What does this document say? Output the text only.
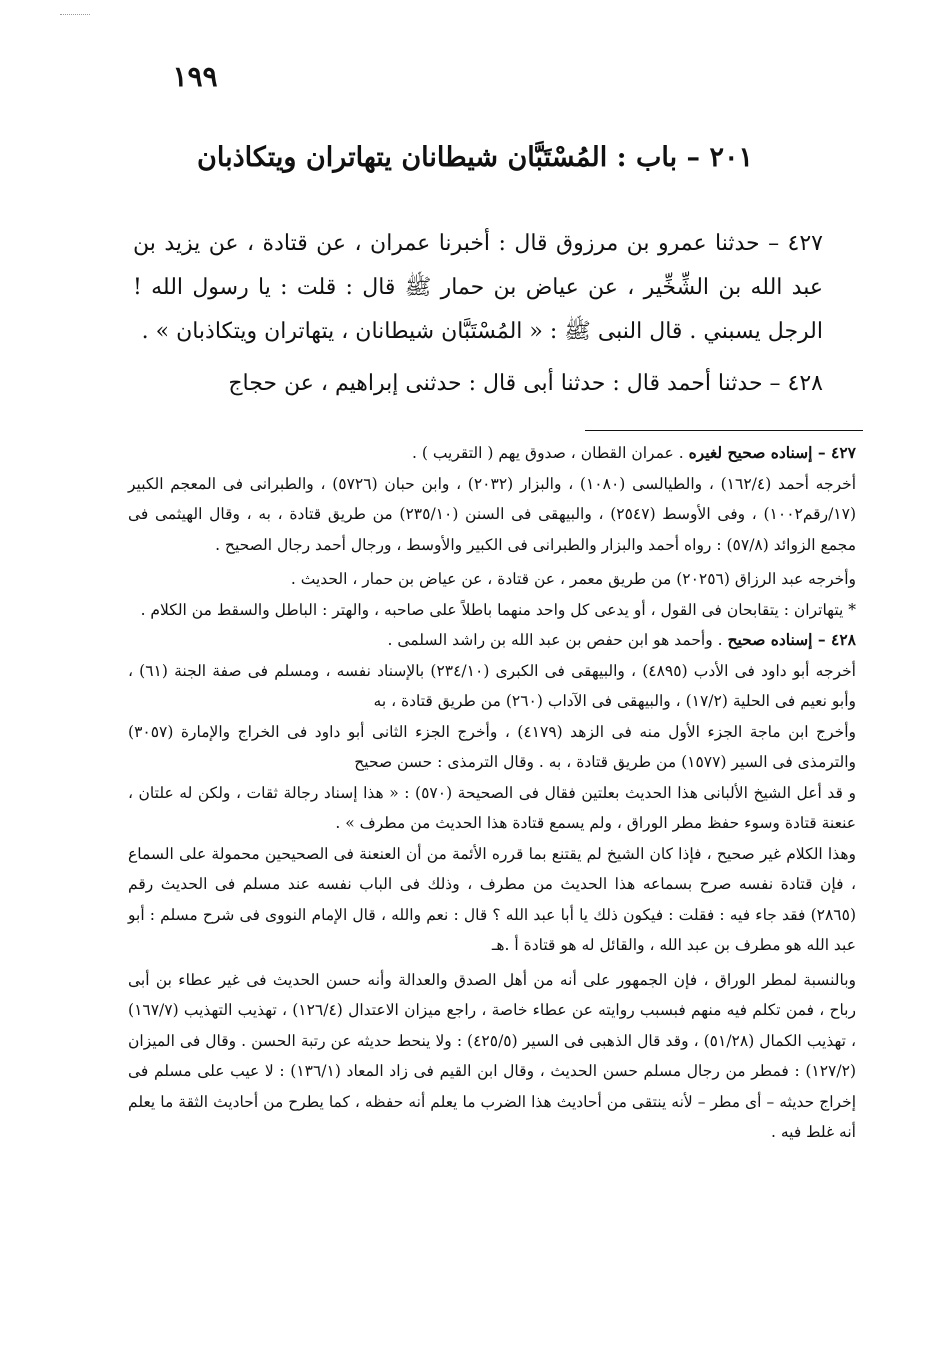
١٩٩
٢٠١ – باب : المُسْتَبَّان شيطانان يتهاتران ويتكاذبان

٤٢٧ – حدثنا عمرو بن مرزوق قال : أخبرنا عمران ، عن قتادة ، عن يزيد بن عبد الله بن الشِّخِّير ، عن عياض بن حمار ﷺ قال : قلت : يا رسول الله ! الرجل يسبني . قال النبى ﷺ : « المُسْتَبَّان شيطانان ، يتهاتران ويتكاذبان » .

٤٢٨ – حدثنا أحمد قال : حدثنا أبى قال : حدثنى إبراهيم ، عن حجاج

٤٢٧ – إسناده صحيح لغيره . عمران القطان ، صدوق يهم ( التقريب ) .

أخرجه أحمد (١٦٢/٤) ، والطيالسى (١٠٨٠) ، والبزار (٢٠٣٢) ، وابن حبان (٥٧٢٦) ، والطبرانى فى المعجم الكبير (١٧/رقم١٠٠٢) ، وفى الأوسط (٢٥٤٧) ، والبيهقى فى السنن (٢٣٥/١٠) من طريق قتادة ، به ، وقال الهيثمى فى مجمع الزوائد (٥٧/٨) : رواه أحمد والبزار والطبرانى فى الكبير والأوسط ، ورجال أحمد رجال الصحيح .

وأخرجه عبد الرزاق (٢٠٢٥٦) من طريق معمر ، عن قتادة ، عن عياض بن حمار ، الحديث .

* يتهاتران : يتقابحان فى القول ، أو يدعى كل واحد منهما باطلاً على صاحبه ، والهتر : الباطل والسقط من الكلام .

٤٢٨ – إسناده صحيح . وأحمد هو ابن حفص بن عبد الله بن راشد السلمى .

أخرجه أبو داود فى الأدب (٤٨٩٥) ، والبيهقى فى الكبرى (٢٣٤/١٠) بالإسناد نفسه ، ومسلم فى صفة الجنة (٦١) ، وأبو نعيم فى الحلية (١٧/٢) ، والبيهقى فى الآداب (٢٦٠) من طريق قتادة ، به

وأخرج ابن ماجة الجزء الأول منه فى الزهد (٤١٧٩) ، وأخرج الجزء الثانى أبو داود فى الخراج والإمارة (٣٠٥٧) والترمذى فى السير (١٥٧٧) من طريق قتادة ، به . وقال الترمذى : حسن صحيح

و قد أعل الشيخ الألبانى هذا الحديث بعلتين فقال فى الصحيحة (٥٧٠) : « هذا إسناد رجالة ثقات ، ولكن له علتان ، عنعنة قتادة وسوء حفظ مطر الوراق ، ولم يسمع قتادة هذا الحديث من مطرف » .

وهذا الكلام غير صحيح ، فإذا كان الشيخ لم يقتنع بما قرره الأئمة من أن العنعنة فى الصحيحين محمولة على السماع ، فإن قتادة نفسه صرح بسماعه هذا الحديث من مطرف ، وذلك فى الباب نفسه عند مسلم فى الحديث رقم (٢٨٦٥) فقد جاء فيه : فقلت : فيكون ذلك يا أبا عبد الله ؟ قال : نعم والله ، قال الإمام النووى فى شرح مسلم : أبو عبد الله هو مطرف بن عبد الله ، والقائل له هو قتادة أ .هـ

وبالنسبة لمطر الوراق ، فإن الجمهور على أنه من أهل الصدق والعدالة وأنه حسن الحديث فى غير عطاء بن أبى رباح ، فمن تكلم فيه منهم فبسبب روايته عن عطاء خاصة ، راجع ميزان الاعتدال (١٢٦/٤) ، تهذيب التهذيب (١٦٧/٧) ، تهذيب الكمال (٥١/٢٨) ، وقد قال الذهبى فى السير (٤٢٥/٥) : ولا ينحط حديثه عن رتبة الحسن . وقال فى الميزان (١٢٧/٢) : فمطر من رجال مسلم حسن الحديث ، وقال ابن القيم فى زاد المعاد (١٣٦/١) : لا عيب على مسلم فى إخراج حديثه – أى مطر – لأنه ينتقى من أحاديث هذا الضرب ما يعلم أنه حفظه ، كما يطرح من أحاديث الثقة ما يعلم أنه غلط فيه .
